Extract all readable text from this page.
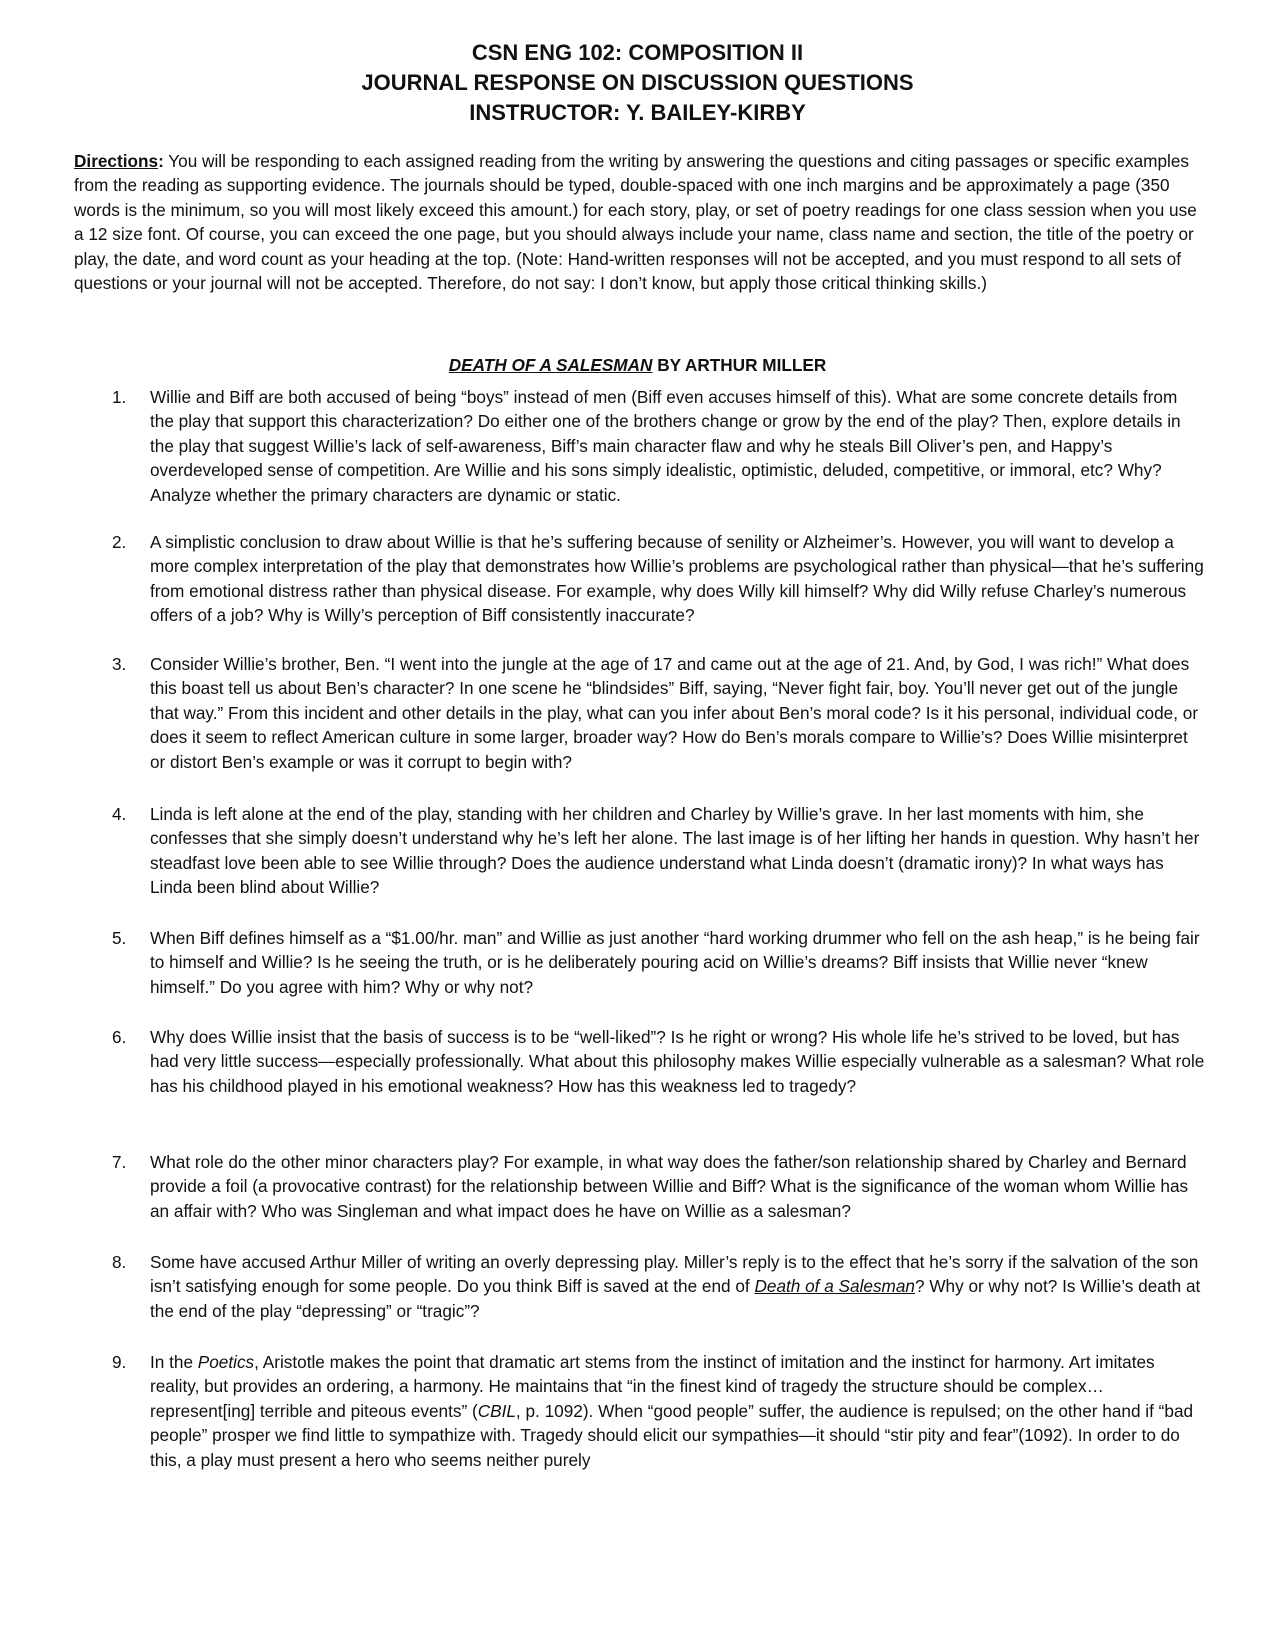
CSN ENG 102: COMPOSITION II
JOURNAL RESPONSE ON DISCUSSION QUESTIONS
INSTRUCTOR: Y. BAILEY-KIRBY
Directions: You will be responding to each assigned reading from the writing by answering the questions and citing passages or specific examples from the reading as supporting evidence. The journals should be typed, double-spaced with one inch margins and be approximately a page (350 words is the minimum, so you will most likely exceed this amount.) for each story, play, or set of poetry readings for one class session when you use a 12 size font. Of course, you can exceed the one page, but you should always include your name, class name and section, the title of the poetry or play, the date, and word count as your heading at the top. (Note: Hand-written responses will not be accepted, and you must respond to all sets of questions or your journal will not be accepted. Therefore, do not say: I don’t know, but apply those critical thinking skills.)
DEATH OF A SALESMAN BY ARTHUR MILLER
1.	Willie and Biff are both accused of being “boys” instead of men (Biff even accuses himself of this). What are some concrete details from the play that support this characterization? Do either one of the brothers change or grow by the end of the play? Then, explore details in the play that suggest Willie’s lack of self-awareness, Biff’s main character flaw and why he steals Bill Oliver’s pen, and Happy’s overdeveloped sense of competition. Are Willie and his sons simply idealistic, optimistic, deluded, competitive, or immoral, etc? Why? Analyze whether the primary characters are dynamic or static.
2.	A simplistic conclusion to draw about Willie is that he’s suffering because of senility or Alzheimer’s. However, you will want to develop a more complex interpretation of the play that demonstrates how Willie’s problems are psychological rather than physical—that he’s suffering from emotional distress rather than physical disease. For example, why does Willy kill himself? Why did Willy refuse Charley’s numerous offers of a job? Why is Willy’s perception of Biff consistently inaccurate?
3.	Consider Willie’s brother, Ben. “I went into the jungle at the age of 17 and came out at the age of 21. And, by God, I was rich!” What does this boast tell us about Ben’s character? In one scene he “blindsides” Biff, saying, “Never fight fair, boy. You’ll never get out of the jungle that way.” From this incident and other details in the play, what can you infer about Ben’s moral code? Is it his personal, individual code, or does it seem to reflect American culture in some larger, broader way? How do Ben’s morals compare to Willie’s? Does Willie misinterpret or distort Ben’s example or was it corrupt to begin with?
4.	Linda is left alone at the end of the play, standing with her children and Charley by Willie’s grave. In her last moments with him, she confesses that she simply doesn’t understand why he’s left her alone. The last image is of her lifting her hands in question. Why hasn’t her steadfast love been able to see Willie through? Does the audience understand what Linda doesn’t (dramatic irony)? In what ways has Linda been blind about Willie?
5.	When Biff defines himself as a “$1.00/hr. man” and Willie as just another “hard working drummer who fell on the ash heap,” is he being fair to himself and Willie? Is he seeing the truth, or is he deliberately pouring acid on Willie’s dreams? Biff insists that Willie never “knew himself.” Do you agree with him? Why or why not?
6.	Why does Willie insist that the basis of success is to be “well-liked”? Is he right or wrong? His whole life he’s strived to be loved, but has had very little success—especially professionally. What about this philosophy makes Willie especially vulnerable as a salesman? What role has his childhood played in his emotional weakness? How has this weakness led to tragedy?
7.	What role do the other minor characters play? For example, in what way does the father/son relationship shared by Charley and Bernard provide a foil (a provocative contrast) for the relationship between Willie and Biff? What is the significance of the woman whom Willie has an affair with? Who was Singleman and what impact does he have on Willie as a salesman?
8.	Some have accused Arthur Miller of writing an overly depressing play. Miller’s reply is to the effect that he’s sorry if the salvation of the son isn’t satisfying enough for some people. Do you think Biff is saved at the end of Death of a Salesman? Why or why not? Is Willie’s death at the end of the play “depressing” or “tragic”?
9.	In the Poetics, Aristotle makes the point that dramatic art stems from the instinct of imitation and the instinct for harmony. Art imitates reality, but provides an ordering, a harmony. He maintains that “in the finest kind of tragedy the structure should be complex…represent[ing] terrible and piteous events” (CBIL, p. 1092). When “good people” suffer, the audience is repulsed; on the other hand if “bad people” prosper we find little to sympathize with. Tragedy should elicit our sympathies—it should “stir pity and fear”(1092). In order to do this, a play must present a hero who seems neither purely
